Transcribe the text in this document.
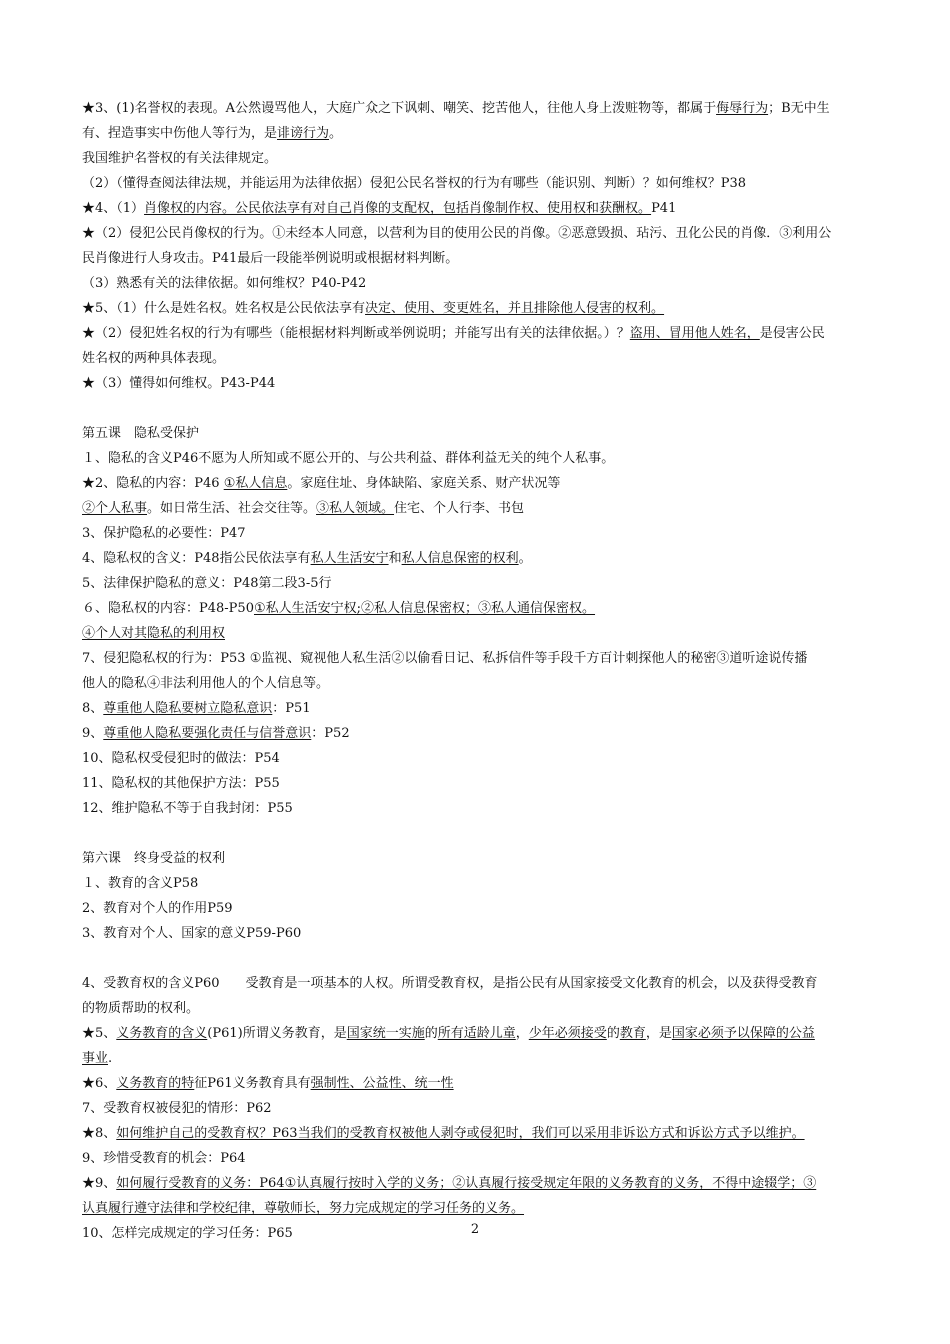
★3、(1)名誉权的表现。A公然谩骂他人，大庭广众之下讽刺、嘲笑、挖苦他人，往他人身上泼赃物等，都属于侮辱行为；B无中生
有、捏造事实中伤他人等行为，是诽谤行为。
我国维护名誉权的有关法律规定。
（2）（懂得查阅法律法规，并能运用为法律依据）侵犯公民名誉权的行为有哪些（能识别、判断）？如何维权？P38
★4、（1）肖像权的内容。公民依法享有对自己肖像的支配权，包括肖像制作权、使用权和获酬权。P41
★（2）侵犯公民肖像权的行为。①未经本人同意，以营利为目的使用公民的肖像。②恶意毁损、玷污、丑化公民的肖像．③利用公
民肖像进行人身攻击。P41最后一段能举例说明或根据材料判断。
（3）熟悉有关的法律依据。如何维权？P40-P42
★5、（1）什么是姓名权。姓名权是公民依法享有决定、使用、变更姓名，并且排除他人侵害的权利。
★（2）侵犯姓名权的行为有哪些（能根据材料判断或举例说明；并能写出有关的法律依据。）？盗用、冒用他人姓名，是侵害公民
姓名权的两种具体表现。
★（3）懂得如何维权。P43-P44
第五课　隐私受保护
１、隐私的含义P46不愿为人所知或不愿公开的、与公共利益、群体利益无关的纯个人私事。
★2、隐私的内容：P46 ①私人信息。家庭住址、身体缺陷、家庭关系、财产状况等
②个人私事。如日常生活、社会交往等。③私人领域。住宅、个人行李、书包
3、保护隐私的必要性：P47
4、隐私权的含义：P48指公民依法享有私人生活安宁和私人信息保密的权利。
5、法律保护隐私的意义：P48第二段3-5行
６、隐私权的内容：P48-P50①私人生活安宁权;②私人信息保密权；③私人通信保密权。
④个人对其隐私的利用权
7、侵犯隐私权的行为：P53 ①监视、窥视他人私生活②以偷看日记、私拆信件等手段千方百计刺探他人的秘密③道听途说传播
他人的隐私④非法利用他人的个人信息等。
8、尊重他人隐私要树立隐私意识：P51
9、尊重他人隐私要强化责任与信誉意识：P52
10、隐私权受侵犯时的做法：P54
11、隐私权的其他保护方法：P55
12、维护隐私不等于自我封闭：P55
第六课　终身受益的权利
１、教育的含义P58
2、教育对个人的作用P59
3、教育对个人、国家的意义P59-P60
4、受教育权的含义P60　　受教育是一项基本的人权。所谓受教育权，是指公民有从国家接受文化教育的机会，以及获得受教育
的物质帮助的权利。
★5、义务教育的含义(P61)所谓义务教育，是国家统一实施的所有适龄儿童，少年必须接受的教育，是国家必须予以保障的公益
事业.
★6、义务教育的特征P61义务教育具有强制性、公益性、统一性
7、受教育权被侵犯的情形：P62
★8、如何维护自己的受教育权？P63当我们的受教育权被他人剥夺或侵犯时，我们可以采用非诉讼方式和诉讼方式予以维护。
9、珍惜受教育的机会：P64
★9、如何履行受教育的义务：P64①认真履行按时入学的义务；②认真履行接受规定年限的义务教育的义务，不得中途辍学；③
认真履行遵守法律和学校纪律，尊敬师长，努力完成规定的学习任务的义务。
10、怎样完成规定的学习任务：P65	2
